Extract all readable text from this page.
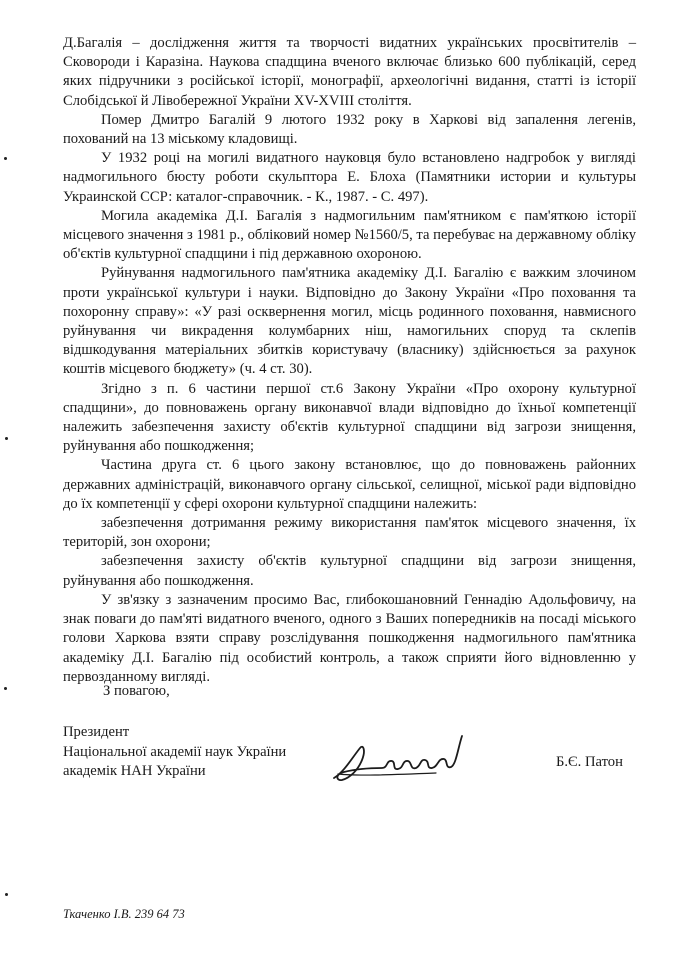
Д.Багалія – дослідження життя та творчості видатних українських просвітителів – Сковороди і Каразіна. Наукова спадщина вченого включає близько 600 публікацій, серед яких підручники з російської історії, монографії, археологічні видання, статті із історії Слобідської й Лівобережної України XV-XVIII століття.

Помер Дмитро Багалій 9 лютого 1932 року в Харкові від запалення легенів, похований на 13 міському кладовищі.

У 1932 році на могилі видатного науковця було встановлено надгробок у вигляді надмогильного бюсту роботи скульптора Е. Блоха (Памятники истории и культуры Украинской ССР: каталог-справочник. - К., 1987. - С. 497).

Могила академіка Д.І. Багалія з надмогильним пам'ятником є пам'яткою історії місцевого значення з 1981 р., обліковий номер №1560/5, та перебуває на державному обліку об'єктів культурної спадщини і під державною охороною.

Руйнування надмогильного пам'ятника академіку Д.І. Багалію є важким злочином проти української культури і науки. Відповідно до Закону України «Про поховання та похоронну справу»: «У разі осквернення могил, місць родинного поховання, навмисного руйнування чи викрадення колумбарних ніш, намогильних споруд та склепів відшкодування матеріальних збитків користувачу (власнику) здійснюється за рахунок коштів місцевого бюджету» (ч. 4 ст. 30).

Згідно з п. 6 частини першої ст.6 Закону України «Про охорону культурної спадщини», до повноважень органу виконавчої влади відповідно до їхньої компетенції належить забезпечення захисту об'єктів культурної спадщини від загрози знищення, руйнування або пошкодження;

Частина друга ст. 6 цього закону встановлює, що до повноважень районних державних адміністрацій, виконавчого органу сільської, селищної, міської ради відповідно до їх компетенції у сфері охорони культурної спадщини належить:

забезпечення дотримання режиму використання пам'яток місцевого значення, їх територій, зон охорони;

забезпечення захисту об'єктів культурної спадщини від загрози знищення, руйнування або пошкодження.

У зв'язку з зазначеним просимо Вас, глибокошановний Геннадію Адольфовичу, на знак поваги до пам'яті видатного вченого, одного з Ваших попередників на посаді міського голови Харкова взяти справу розслідування пошкодження надмогильного пам'ятника академіку Д.І. Багалію під особистий контроль, а також сприяти його відновленню у первозданному вигляді.

З повагою,
Президент
Національної академії наук України
академік НАН України
Б.Є. Патон
Ткаченко І.В. 239 64 73
